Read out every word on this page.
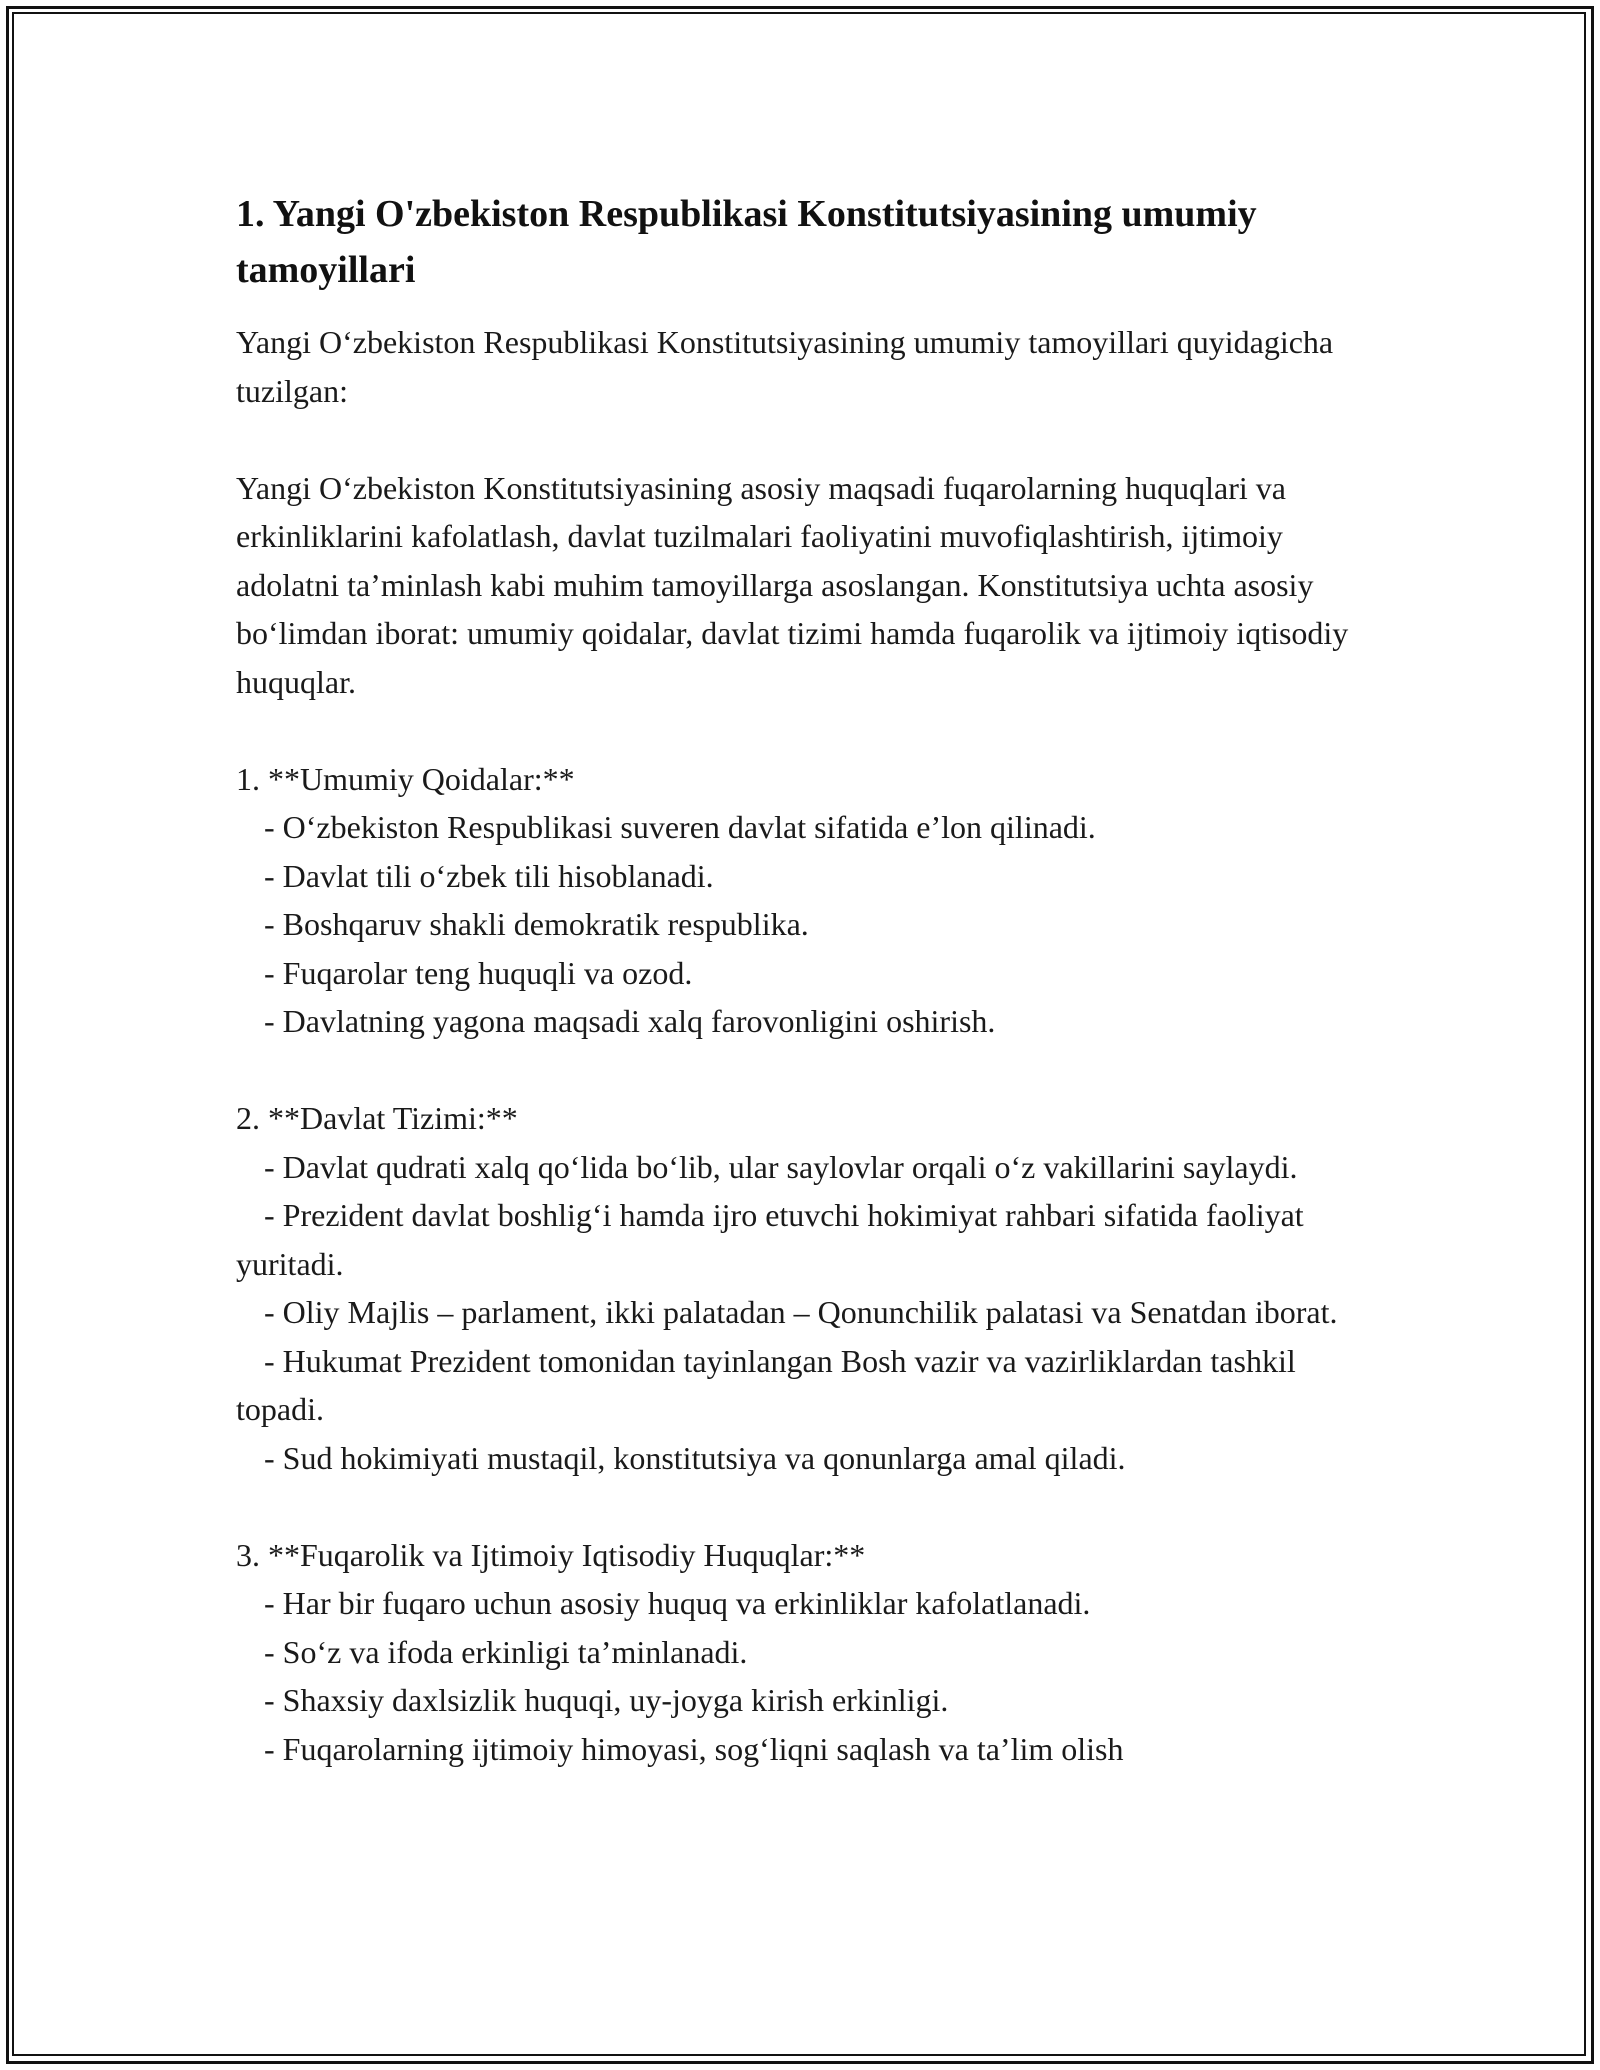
1. Yangi O'zbekiston Respublikasi Konstitutsiyasining umumiy tamoyillari

Yangi O‘zbekiston Respublikasi Konstitutsiyasining umumiy tamoyillari quyidagicha tuzilgan:

Yangi O‘zbekiston Konstitutsiyasining asosiy maqsadi fuqarolarning huquqlari va erkinliklarini kafolatlash, davlat tuzilmalari faoliyatini muvofiqlashtirish, ijtimoiy adolatni ta’minlash kabi muhim tamoyillarga asoslangan. Konstitutsiya uchta asosiy bo‘limdan iborat: umumiy qoidalar, davlat tizimi hamda fuqarolik va ijtimoiy iqtisodiy huquqlar.

1. **Umumiy Qoidalar:**

- O‘zbekiston Respublikasi suveren davlat sifatida e’lon qilinadi.

- Davlat tili o‘zbek tili hisoblanadi.

- Boshqaruv shakli demokratik respublika.

- Fuqarolar teng huquqli va ozod.

- Davlatning yagona maqsadi xalq farovonligini oshirish.

2. **Davlat Tizimi:**

- Davlat qudrati xalq qo‘lida bo‘lib, ular saylovlar orqali o‘z vakillarini saylaydi.

- Prezident davlat boshlig‘i hamda ijro etuvchi hokimiyat rahbari sifatida faoliyat yuritadi.

- Oliy Majlis – parlament, ikki palatadan – Qonunchilik palatasi va Senatdan iborat.

- Hukumat Prezident tomonidan tayinlangan Bosh vazir va vazirliklardan tashkil topadi.

- Sud hokimiyati mustaqil, konstitutsiya va qonunlarga amal qiladi.

3. **Fuqarolik va Ijtimoiy Iqtisodiy Huquqlar:**

- Har bir fuqaro uchun asosiy huquq va erkinliklar kafolatlanadi.

- So‘z va ifoda erkinligi ta’minlanadi.

- Shaxsiy daxlsizlik huquqi, uy-joyga kirish erkinligi.

- Fuqarolarning ijtimoiy himoyasi, sog‘liqni saqlash va ta’lim olish
